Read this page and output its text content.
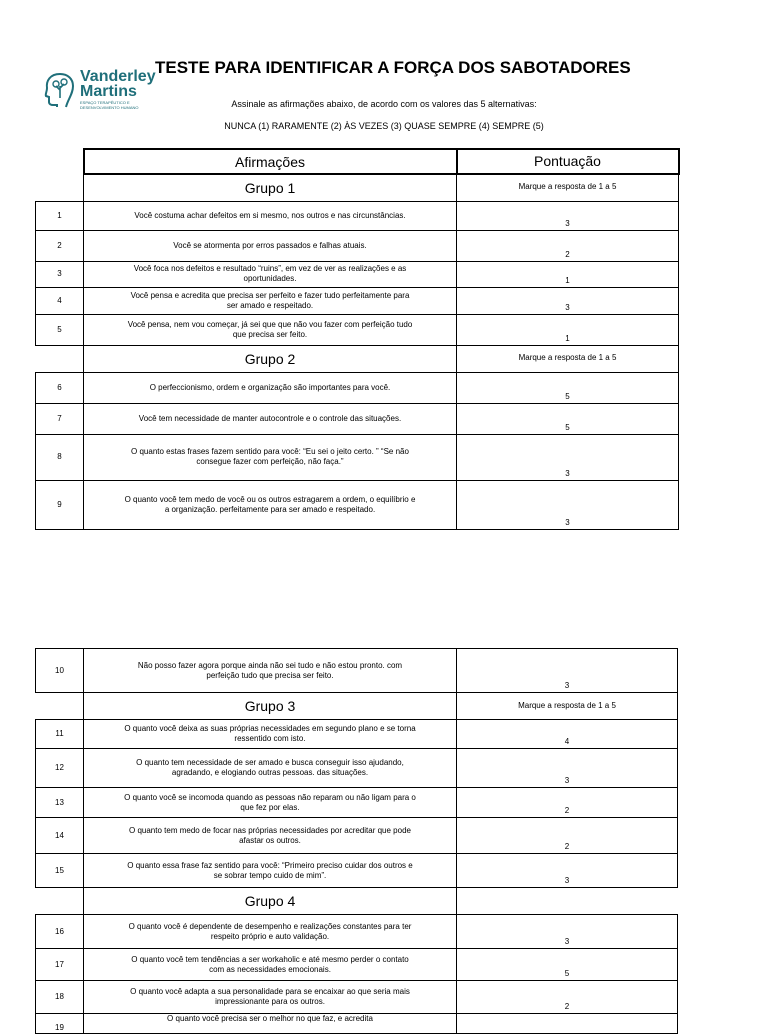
Vanderley
Martins
ESPAÇO TERAPÊUTICO E DESENVOLVIMENTO HUMANO
TESTE PARA IDENTIFICAR A FORÇA DOS SABOTADORES
Assinale as afirmações abaixo, de acordo com os valores das 5 alternativas:
NUNCA (1) RARAMENTE (2) ÀS VEZES (3) QUASE SEMPRE (4) SEMPRE (5)
	Afirmações	Pontuação
	Grupo 1	Marque a resposta de 1 a 5
1	Você costuma achar defeitos em si mesmo, nos outros e nas circunstâncias.	3
2	Você se atormenta por erros passados e falhas atuais.	2
3	Você foca nos defeitos e resultado “ruins”, em vez de ver as realizações e as oportunidades.	1
4	Você pensa e acredita que precisa ser perfeito e fazer tudo perfeitamente para ser amado e respeitado.	3
5	Você pensa, nem vou começar, já sei que que não vou fazer com perfeição tudo que precisa ser feito.	1
	Grupo 2	Marque a resposta de 1 a 5
6	O perfeccionismo, ordem e organização são importantes para você.	5
7	Você tem necessidade de manter autocontrole e o controle das situações.	5
8	O quanto estas frases fazem sentido para você: “Eu sei o jeito certo. ” “Se não consegue fazer com perfeição, não faça.”	3
9	O quanto você tem medo de você ou os outros estragarem a ordem, o equilíbrio e a organização. perfeitamente para ser amado e respeitado.	3
10	Não posso fazer agora porque ainda não sei tudo e não estou pronto. com perfeição tudo que precisa ser feito.	3
	Grupo 3	Marque a resposta de 1 a 5
11	O quanto você deixa as suas próprias necessidades em segundo plano e se torna ressentido com isto.	4
12	O quanto tem necessidade de ser amado e busca conseguir isso ajudando, agradando, e elogiando outras pessoas. das situações.	3
13	O quanto você se incomoda quando as pessoas não reparam ou não ligam para o que fez por elas.	2
14	O quanto tem medo de focar nas próprias necessidades por acreditar que pode afastar os outros.	2
15	O quanto essa frase faz sentido para você: “Primeiro preciso cuidar dos outros e se sobrar tempo cuido de mim”.	3
	Grupo 4	
16	O quanto você é dependente de desempenho e realizações constantes para ter respeito próprio e auto validação.	3
17	O quanto você tem tendências a ser workaholic e até mesmo perder o contato com as necessidades emocionais.	5
18	O quanto você adapta a sua personalidade para se encaixar ao que seria mais impressionante para os outros.	2
19	O quanto você precisa ser o melhor no que faz, e acredita	
